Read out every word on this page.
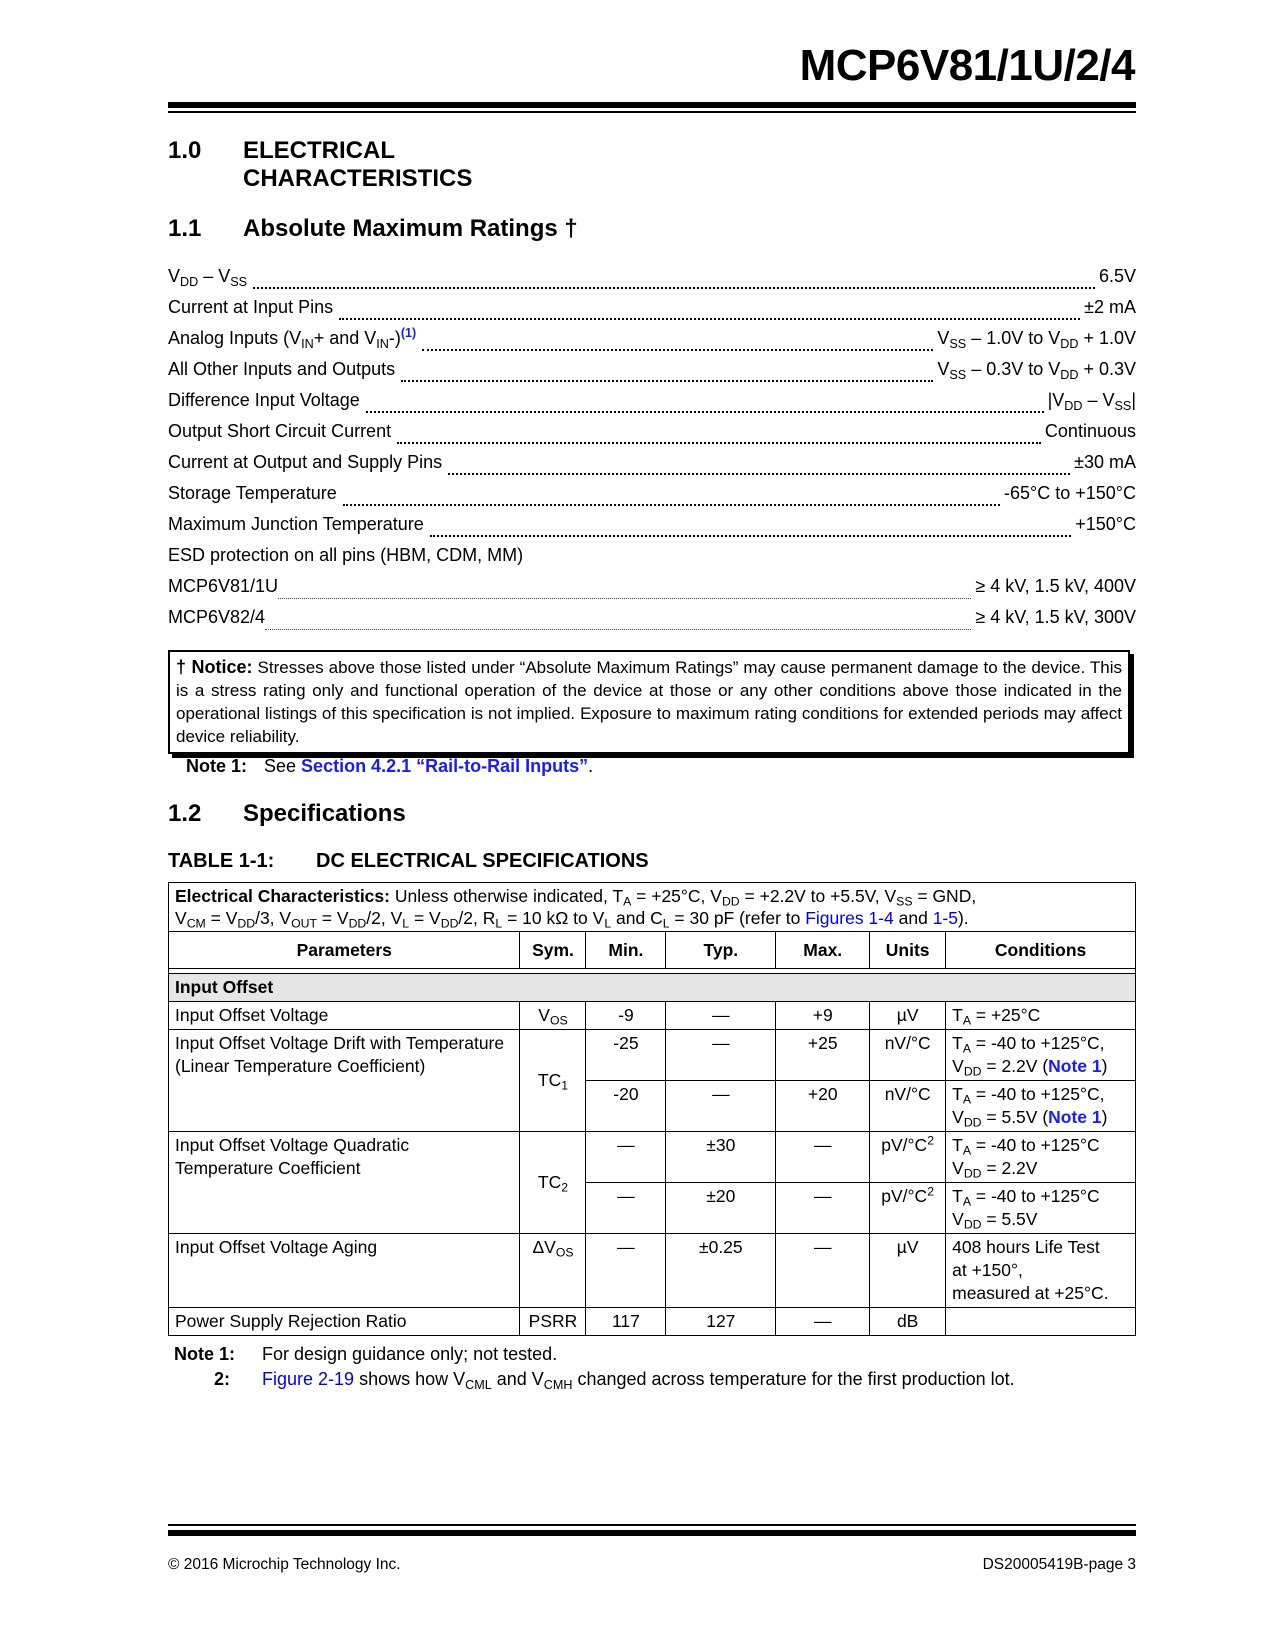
MCP6V81/1U/2/4
1.0 ELECTRICAL
CHARACTERISTICS
1.1 Absolute Maximum Ratings †
$V_{DD} - V_{SS}$	6.5V
Current at Input Pins	±2 mA
Analog Inputs ($V_{IN}+$ and $V_{IN}-)^{(1)}$	$V_{SS} - 1.0V$ to $V_{DD} + 1.0V$
All Other Inputs and Outputs	$V_{SS} - 0.3V$ to $V_{DD} + 0.3V$
Difference Input Voltage	$|V_{DD} - V_{SS}|$
Output Short Circuit Current	Continuous
Current at Output and Supply Pins	±30 mA
Storage Temperature	-65°C to +150°C
Maximum Junction Temperature	+150°C
ESD protection on all pins (HBM, CDM, MM)
MCP6V81/1U	≥ 4 kV, 1.5 kV, 400V
MCP6V82/4	≥ 4 kV, 1.5 kV, 300V
† Notice: Stresses above those listed under “Absolute Maximum Ratings” may cause permanent damage to the device. This is a stress rating only and functional operation of the device at those or any other conditions above those indicated in the operational listings of this specification is not implied. Exposure to maximum rating conditions for extended periods may affect device reliability.
Note 1: See Section 4.2.1 “Rail-to-Rail Inputs”.
1.2 Specifications
TABLE 1-1: DC ELECTRICAL SPECIFICATIONS
Electrical Characteristics: Unless otherwise indicated, $T_A = +25^\circ C$, $V_{DD} = +2.2V$ to +5.5V, $V_{SS}$ = GND,
$V_{CM} = V_{DD}/3$, $V_{OUT} = V_{DD}/2$, $V_L = V_{DD}/2$, $R_L = 10$ kΩ to $V_L$ and $C_L = 30$ pF (refer to Figures 1-4 and 1-5).						
Parameters	Sym.	Min.	Typ.	Max.	Units	Conditions

Input Offset						
Input Offset Voltage	$V_{OS}$	-9	—	+9	µV	$T_A = +25^\circ C$
Input Offset Voltage Drift with Temperature
(Linear Temperature Coefficient)	$TC_1$	-25	—	+25	nV/°C	$T_A = -40$ to +125°C,
$V_{DD} = 2.2V$ (Note 1)
		-20	—	+20	nV/°C	$T_A = -40$ to +125°C,
$V_{DD} = 5.5V$ (Note 1)
Input Offset Voltage Quadratic
Temperature Coefficient	$TC_2$	—	±30	—	$pV/^\circ C^2$	$T_A = -40$ to +125°C
$V_{DD} = 2.2V$
		—	±20	—	$pV/^\circ C^2$	$T_A = -40$ to +125°C
$V_{DD} = 5.5V$
Input Offset Voltage Aging	$\Delta V_{OS}$	—	±0.25	—	µV	408 hours Life Test
at +150°,
measured at +25°C.
Power Supply Rejection Ratio	PSRR	117	127	—	dB	
Note 1: For design guidance only; not tested.
2: Figure 2-19 shows how $V_{CML}$ and $V_{CMH}$ changed across temperature for the first production lot.
© 2016 Microchip Technology Inc.	DS20005419B-page 3
